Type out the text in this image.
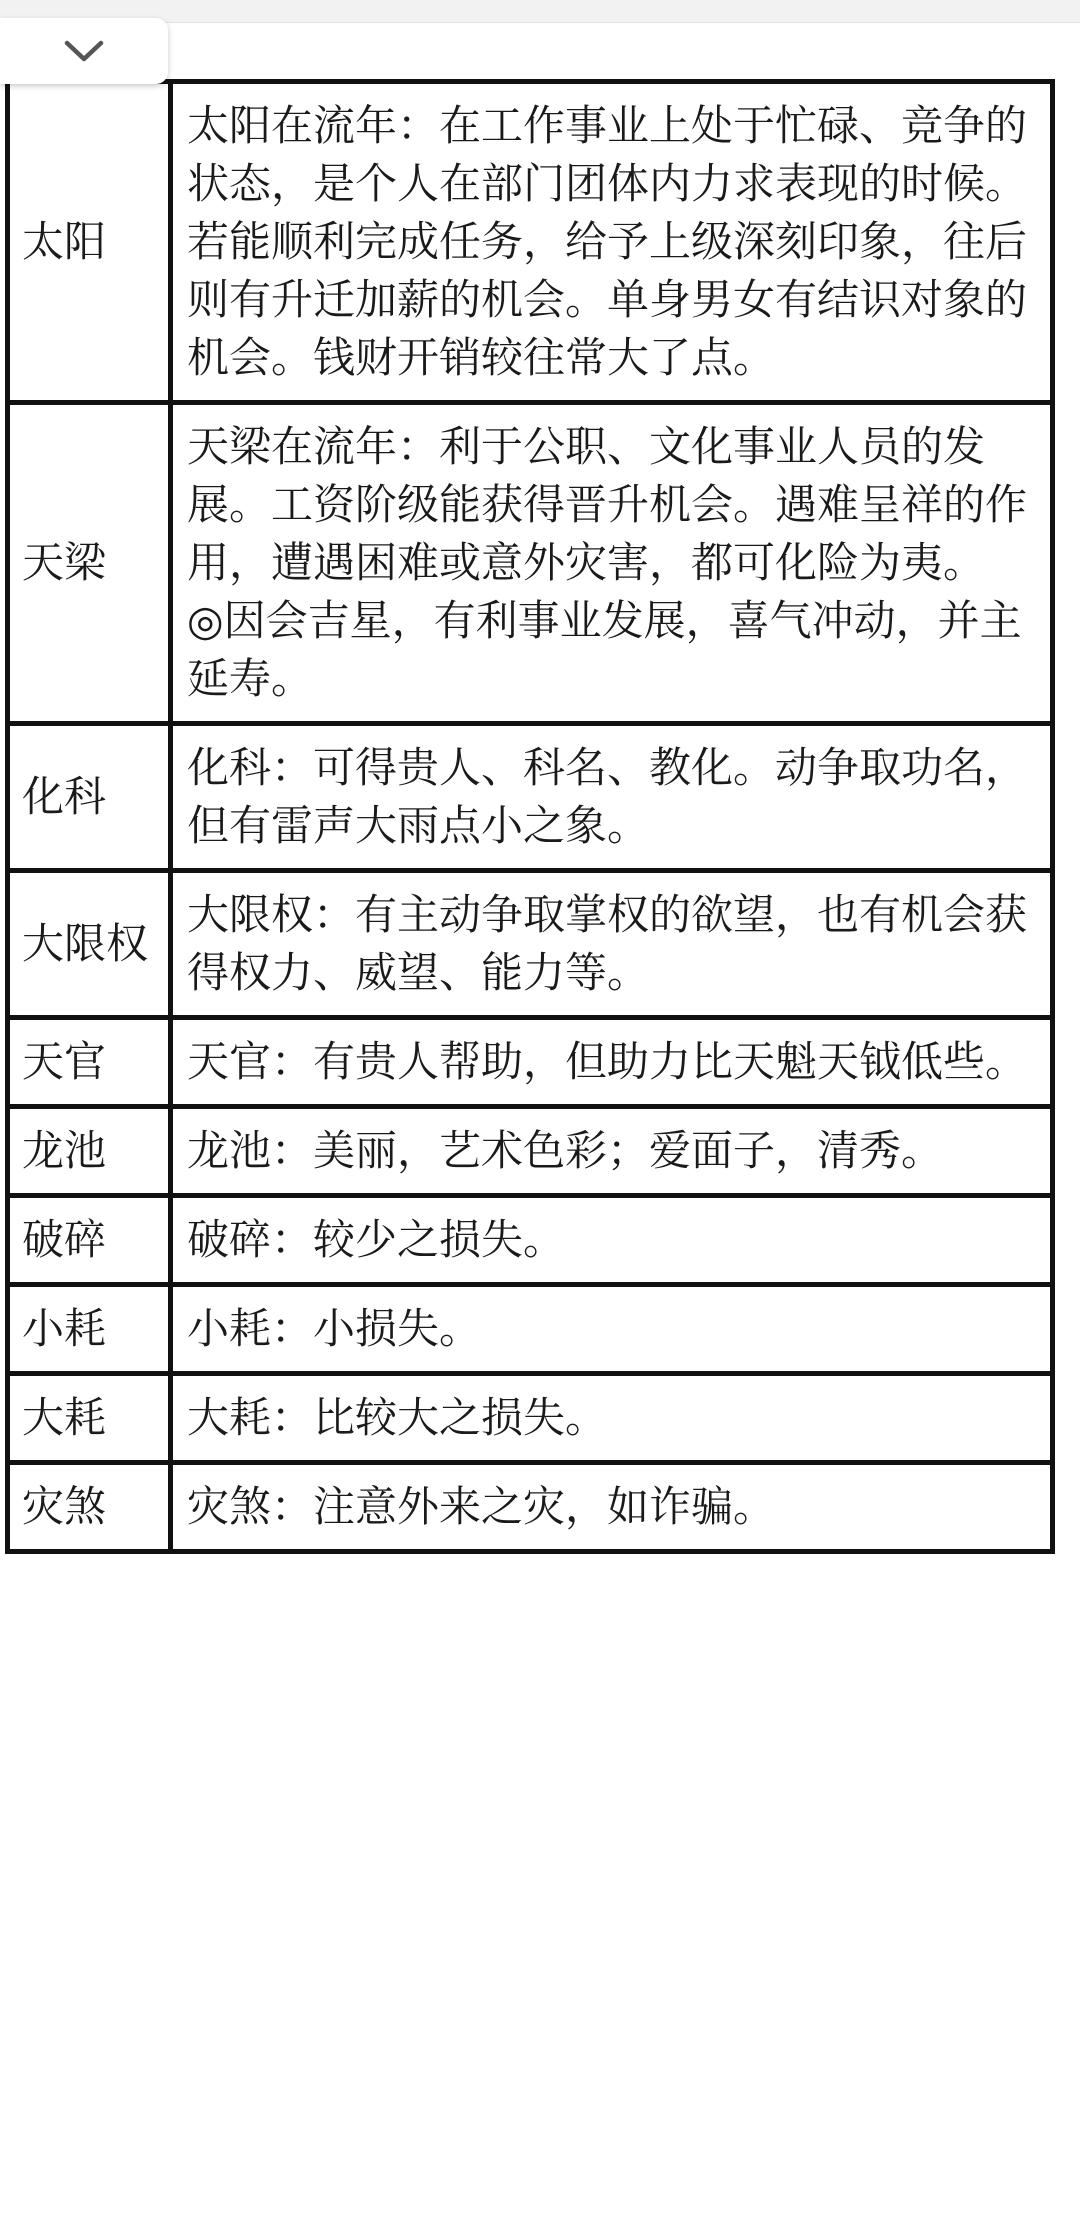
太阳	太阳在流年：在工作事业上处于忙碌、竞争的状态，是个人在部门团体内力求表现的时候。若能顺利完成任务，给予上级深刻印象，往后则有升迁加薪的机会。单身男女有结识对象的机会。钱财开销较往常大了点。

天梁	天梁在流年：利于公职、文化事业人员的发展。工资阶级能获得晋升机会。遇难呈祥的作用，遭遇困难或意外灾害，都可化险为夷。
◎因会吉星，有利事业发展，喜气冲动，并主延寿。

化科	化科：可得贵人、科名、教化。动争取功名，但有雷声大雨点小之象。

大限权	大限权：有主动争取掌权的欲望，也有机会获得权力、威望、能力等。

天官	天官：有贵人帮助，但助力比天魁天钺低些。

龙池	龙池：美丽，艺术色彩；爱面子，清秀。

破碎	破碎：较少之损失。

小耗	小耗：小损失。

大耗	大耗：比较大之损失。

灾煞	灾煞：注意外来之灾，如诈骗。
